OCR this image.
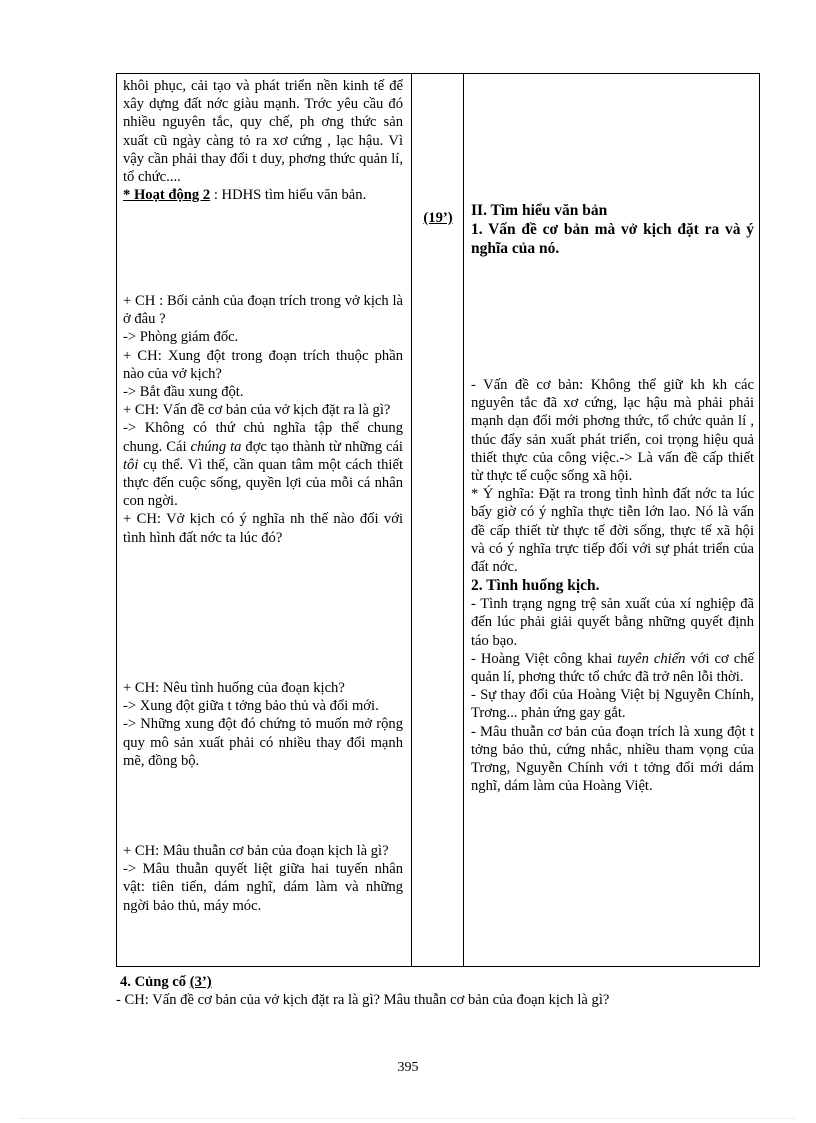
khôi phục, cải tạo và phát triển nền kinh tế để xây dựng đất nớc giàu mạnh. Trớc yêu cầu đó nhiều nguyên tắc, quy chế, ph ơng thức sản xuất cũ ngày càng tỏ ra xơ cứng , lạc hậu. Vì vậy cần phải thay đổi t duy, phơng thức quản lí, tổ chức....

* Hoạt động 2 : HDHS tìm hiểu văn bản.

+ CH : Bối cảnh của đoạn trích trong vở kịch là ở đâu ?

-> Phòng giám đốc.

+ CH: Xung đột trong đoạn trích thuộc phần nào của vở kịch?

-> Bắt đầu xung đột.

+ CH: Vấn đề cơ bản của vở kịch đặt ra là gì?

-> Không có thứ chủ nghĩa tập thể chung chung. Cái chúng ta đợc tạo thành từ những cái tôi cụ thể. Vì thế, cần quan tâm một cách thiết thực đến cuộc sống, quyền lợi của mỗi cá nhân con ngời.

+ CH: Vở kịch có ý nghĩa nh thế nào đối với tình hình đất nớc ta lúc đó?

+ CH: Nêu tình huống của đoạn kịch?

-> Xung đột giữa t tởng bảo thủ và đổi mới.

-> Những xung đột đó chứng tỏ muốn mở rộng quy mô sản xuất phải có nhiều thay đổi mạnh mẽ, đồng bộ.

+ CH: Mâu thuẫn cơ bản của đoạn kịch là gì?

-> Mâu thuẫn quyết liệt giữa hai tuyến nhân vật: tiên tiến, dám nghĩ, dám làm và những ngời bảo thủ, máy móc.

(19’)	II. Tìm hiểu văn bản

1. Vấn đề cơ bản mà vở kịch đặt ra và ý nghĩa của nó.

- Vấn đề cơ bản: Không thể giữ kh kh các nguyên tắc đã xơ cứng, lạc hậu mà phải phải mạnh dạn đổi mới phơng thức, tổ chức quản lí , thúc đẩy sản xuất phát triển, coi trọng hiệu quả thiết thực của công việc.-> Là vấn đề cấp thiết từ thực tế cuộc sống xã hội.

* Ý nghĩa: Đặt ra trong tình hình đất nớc ta lúc bấy giờ có ý nghĩa thực tiễn lớn lao. Nó là vấn đề cấp thiết từ thực tế đời sống, thực tế xã hội và có ý nghĩa trực tiếp đối với sự phát triển của đất nớc.

2. Tình huống kịch.

- Tình trạng ngng trệ sản xuất của xí nghiệp đã đến lúc phải giải quyết bằng những quyết định táo bạo.

- Hoàng Việt công khai tuyên chiến với cơ chế quản lí, phơng thức tổ chức đã trở nên lỗi thời.

- Sự thay đổi của Hoàng Việt bị Nguyễn Chính, Trơng... phản ứng gay gắt.

- Mâu thuẫn cơ bản của đoạn trích là xung đột t tởng bảo thủ, cứng nhắc, nhiều tham vọng của Trơng, Nguyễn Chính với t tởng đổi mới dám nghĩ, dám làm của Hoàng Việt.

4. Củng cố (3’)

- CH: Vấn đề cơ bản của vở kịch đặt ra là gì? Mâu thuẫn cơ bản của đoạn kịch là gì?

395
